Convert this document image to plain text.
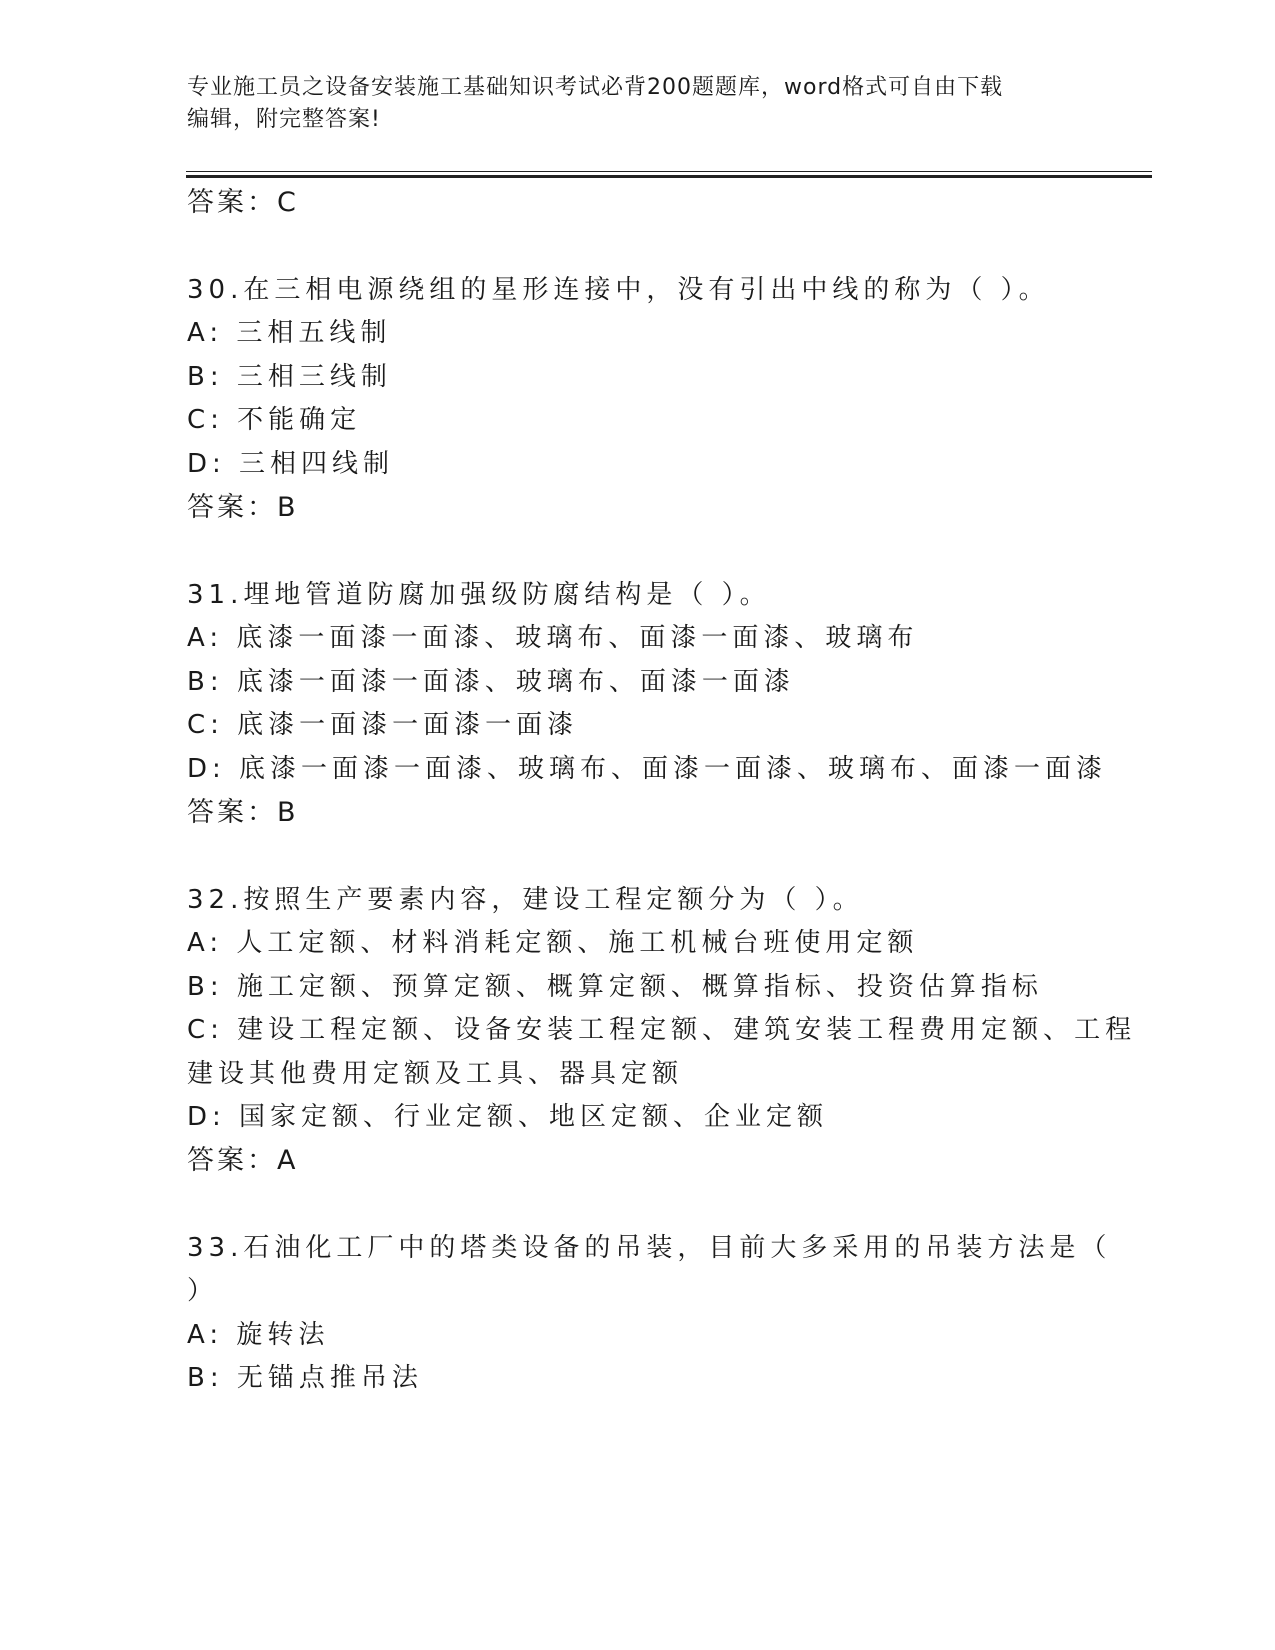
专业施工员之设备安装施工基础知识考试必背200题题库，word格式可自由下载
编辑，附完整答案!
答案：C
30.在三相电源绕组的星形连接中，没有引出中线的称为（ ）。
A: 三相五线制
B: 三相三线制
C: 不能确定
D: 三相四线制
答案：B
31.埋地管道防腐加强级防腐结构是（ ）。
A: 底漆一面漆一面漆、玻璃布、面漆一面漆、玻璃布
B: 底漆一面漆一面漆、玻璃布、面漆一面漆
C: 底漆一面漆一面漆一面漆
D: 底漆一面漆一面漆、玻璃布、面漆一面漆、玻璃布、面漆一面漆
答案：B
32.按照生产要素内容，建设工程定额分为（ ）。
A: 人工定额、材料消耗定额、施工机械台班使用定额
B: 施工定额、预算定额、概算定额、概算指标、投资估算指标
C: 建设工程定额、设备安装工程定额、建筑安装工程费用定额、工程
建设其他费用定额及工具、器具定额
D: 国家定额、行业定额、地区定额、企业定额
答案：A
33.石油化工厂中的塔类设备的吊装，目前大多采用的吊装方法是（
）
A: 旋转法
B: 无锚点推吊法
